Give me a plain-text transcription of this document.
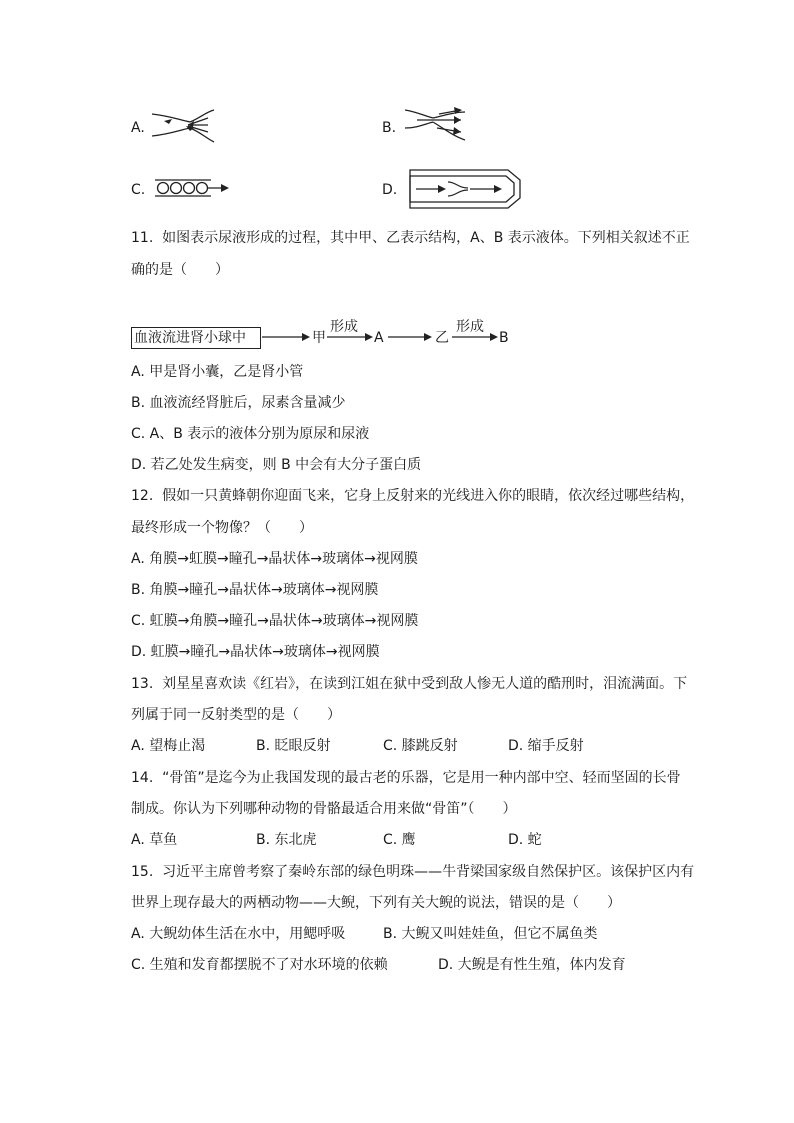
A.	B.
C.	D.
11.  如图表示尿液形成的过程，其中甲、乙表示结构，A、B 表示液体。下列相关叙述不正
确的是（　　）
血液流进肾小球中	甲
形成
A	乙
形成
B
A. 甲是肾小囊，乙是肾小管
B. 血液流经肾脏后，尿素含量减少
C. A、B 表示的液体分别为原尿和尿液
D. 若乙处发生病变，则 B 中会有大分子蛋白质
12.  假如一只黄蜂朝你迎面飞来，它身上反射来的光线进入你的眼睛，依次经过哪些结构，
最终形成一个物像？（　　）
A. 角膜→虹膜→瞳孔→晶状体→玻璃体→视网膜
B. 角膜→瞳孔→晶状体→玻璃体→视网膜
C. 虹膜→角膜→瞳孔→晶状体→玻璃体→视网膜
D. 虹膜→瞳孔→晶状体→玻璃体→视网膜
13.  刘星星喜欢读《红岩》，在读到江姐在狱中受到敌人惨无人道的酷刑时，泪流满面。下
列属于同一反射类型的是（　　）
A. 望梅止渴	B. 眨眼反射	C. 膝跳反射	D. 缩手反射
14.  “骨笛”是迄今为止我国发现的最古老的乐器，它是用一种内部中空、轻而坚固的长骨
制成。你认为下列哪种动物的骨骼最适合用来做“骨笛”（　　）
A. 草鱼	B. 东北虎	C. 鹰	D. 蛇
15.  习近平主席曾考察了秦岭东部的绿色明珠——牛背梁国家级自然保护区。该保护区内有
世界上现存最大的两栖动物——大鲵，下列有关大鲵的说法，错误的是（　　）
A. 大鲵幼体生活在水中，用鳃呼吸	B. 大鲵又叫娃娃鱼，但它不属鱼类
C. 生殖和发育都摆脱不了对水环境的依赖	D. 大鲵是有性生殖，体内发育
